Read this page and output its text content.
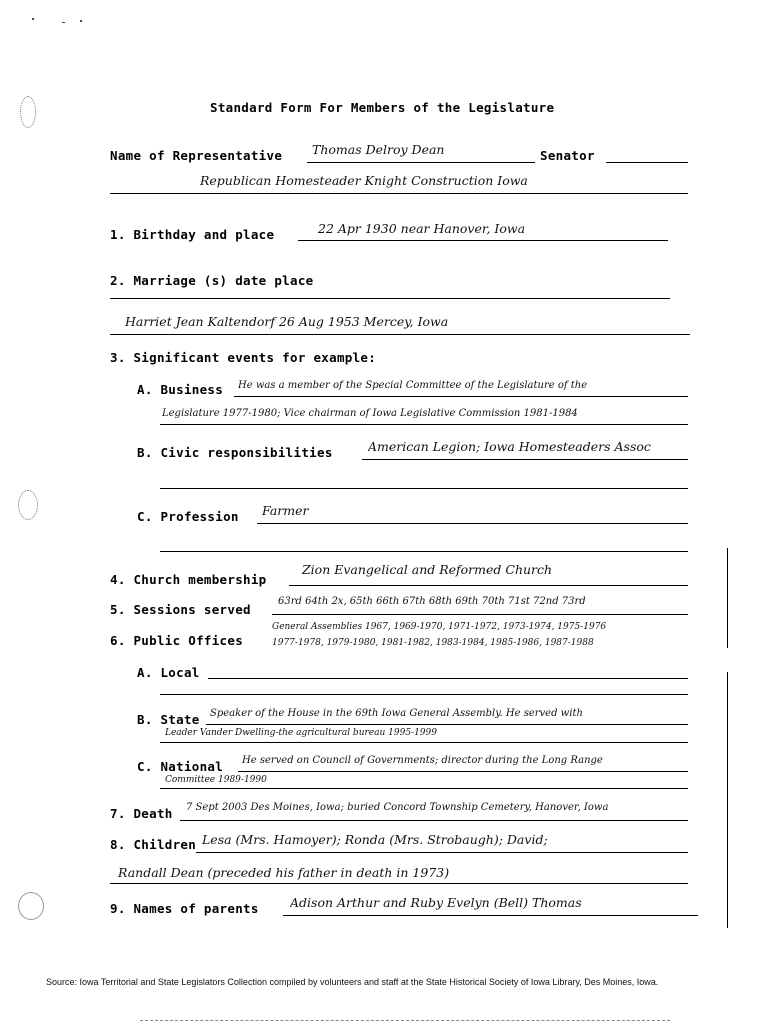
Standard Form For Members of the Legislature
Name of Representative Thomas Delroy Dean	Senator
Republican Homesteader Knight Construction Iowa
1. Birthday and place	22 Apr 1930 near Hanover, Iowa
2. Marriage (s) date place
Harriet Jean Kaltendorf 26 Aug 1953 Mercey, Iowa
3. Significant events for example:
A. Business He was a member of the Special Committee of the Legislature of the
Legislature 1977-1980; Vice chairman of Iowa Legislative Commission 1981-1984
B. Civic responsibilities	American Legion; Iowa Homesteaders Assoc
C. Profession Farmer
4. Church membership
Zion Evangelical and Reformed Church
5. Sessions served
63rd 64th 2x, 65th 66th 67th 68th 69th 70th 71st 72nd 73rd
6. Public Offices
General Assemblies 1967, 1969-1970, 1971-1972, 1973-1974, 1975-1976
1977-1978, 1979-1980, 1981-1982, 1983-1984, 1985-1986, 1987-1988
A. Local
B. State Speaker of the House in the 69th Iowa General Assembly. He served with
Leader Vander Dwelling-the agricultural bureau 1995-1999
C. National He served on Council of Governments; director during the Long Range
Committee 1989-1990
7. Death 7 Sept 2003 Des Moines, Iowa; buried Concord Township Cemetery, Hanover, Iowa
8. Children Lesa (Mrs. Hamoyer); Ronda (Mrs. Strobaugh); David;
Randall Dean (preceded his father in death in 1973)
9. Names of parents	Adison Arthur and Ruby Evelyn (Bell) Thomas
Source: Iowa Territorial and State Legislators Collection compiled by volunteers and staff at the State Historical Society of Iowa Library, Des Moines, Iowa.
